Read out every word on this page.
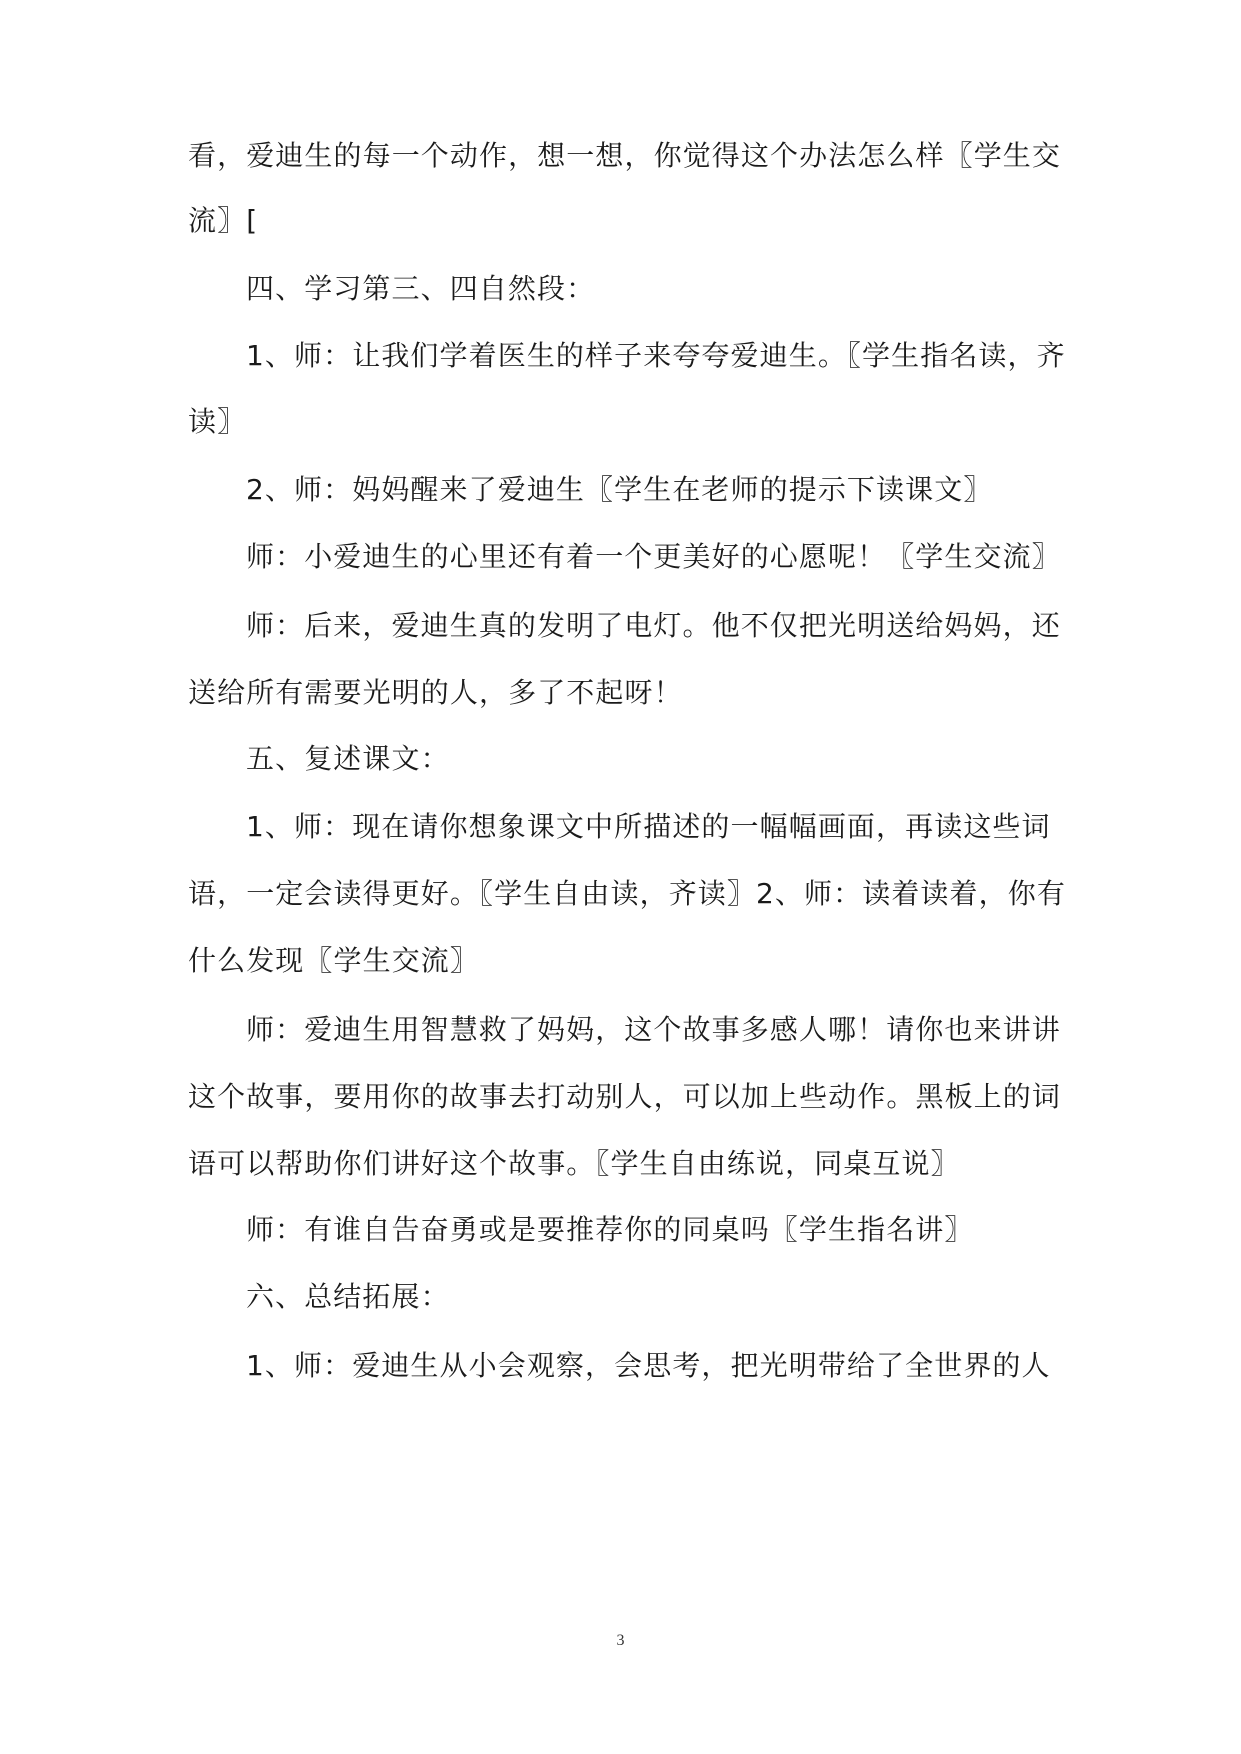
看，爱迪生的每一个动作，想一想，你觉得这个办法怎么样〖学生交
流〗[
四、学习第三、四自然段：
1、师：让我们学着医生的样子来夸夸爱迪生。〖学生指名读，齐
读〗
2、师：妈妈醒来了爱迪生〖学生在老师的提示下读课文〗
师：小爱迪生的心里还有着一个更美好的心愿呢！〖学生交流〗
师：后来，爱迪生真的发明了电灯。他不仅把光明送给妈妈，还
送给所有需要光明的人，多了不起呀！
五、复述课文：
1、师：现在请你想象课文中所描述的一幅幅画面，再读这些词
语，一定会读得更好。〖学生自由读，齐读〗2、师：读着读着，你有
什么发现〖学生交流〗
师：爱迪生用智慧救了妈妈，这个故事多感人哪！请你也来讲讲
这个故事，要用你的故事去打动别人，可以加上些动作。黑板上的词
语可以帮助你们讲好这个故事。〖学生自由练说，同桌互说〗
师：有谁自告奋勇或是要推荐你的同桌吗〖学生指名讲〗
六、总结拓展：
1、师：爱迪生从小会观察，会思考，把光明带给了全世界的人
3
